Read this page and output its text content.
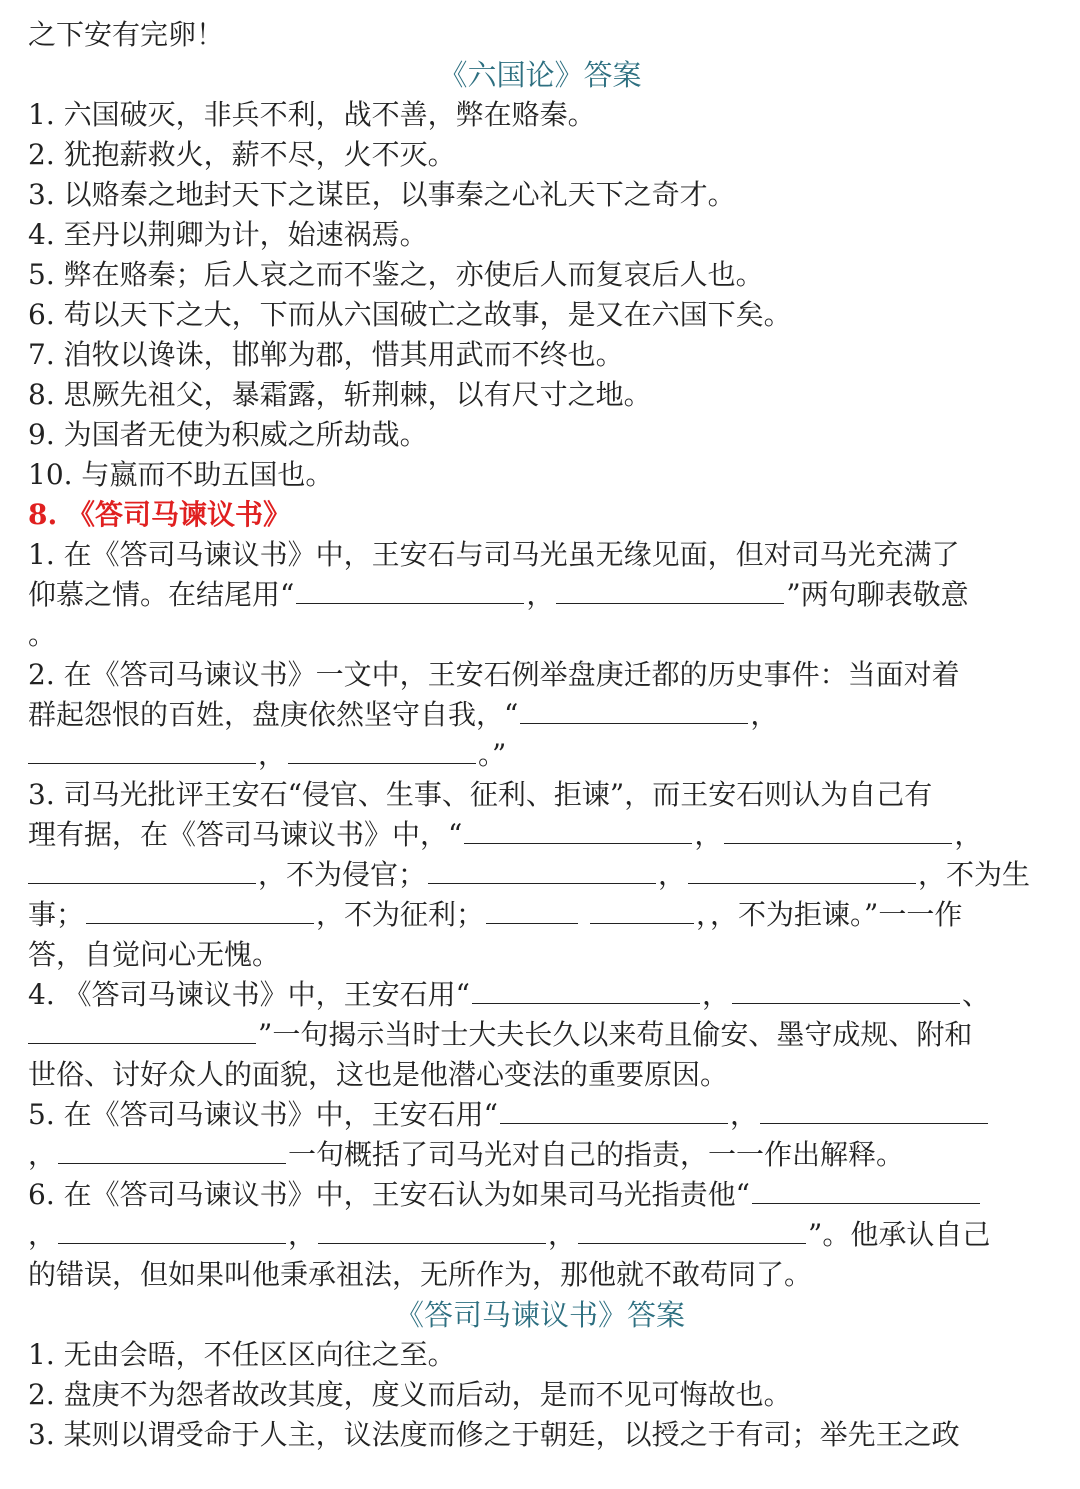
之下安有完卵！
《六国论》答案
1. 六国破灭，非兵不利，战不善，弊在赂秦。
2. 犹抱薪救火，薪不尽，火不灭。
3. 以赂秦之地封天下之谋臣，以事秦之心礼天下之奇才。
4. 至丹以荆卿为计，始速祸焉。
5. 弊在赂秦；后人哀之而不鉴之，亦使后人而复哀后人也。
6. 苟以天下之大，下而从六国破亡之故事，是又在六国下矣。
7. 洎牧以谗诛，邯郸为郡，惜其用武而不终也。
8. 思厥先祖父，暴霜露，斩荆棘，以有尺寸之地。
9. 为国者无使为积威之所劫哉。
10. 与嬴而不助五国也。
8. 《答司马谏议书》
1. 在《答司马谏议书》中，王安石与司马光虽无缘见面，但对司马光充满了
仰慕之情。在结尾用“	，	”两句聊表敬意
。
2. 在《答司马谏议书》一文中，王安石例举盘庚迁都的历史事件：当面对着
群起怨恨的百姓，盘庚依然坚守自我，“	，
，	。”
3. 司马光批评王安石“侵官、生事、征利、拒谏”，而王安石则认为自己有
理有据，在《答司马谏议书》中，“	，	，
，不为侵官；	，	，不为生
事；	，不为征利；	，，不为拒谏。”一一作
答，自觉问心无愧。
4. 《答司马谏议书》中，王安石用“	，	、
”一句揭示当时士大夫长久以来苟且偷安、墨守成规、附和
世俗、讨好众人的面貌，这也是他潜心变法的重要原因。
5. 在《答司马谏议书》中，王安石用“	，
，	一句概括了司马光对自己的指责，一一作出解释。
6. 在《答司马谏议书》中，王安石认为如果司马光指责他“
，	，	，	”。他承认自己
的错误，但如果叫他秉承祖法，无所作为，那他就不敢苟同了。
《答司马谏议书》答案
1. 无由会晤，不任区区向往之至。
2. 盘庚不为怨者故改其度，度义而后动，是而不见可悔故也。
3. 某则以谓受命于人主，议法度而修之于朝廷，以授之于有司；举先王之政
